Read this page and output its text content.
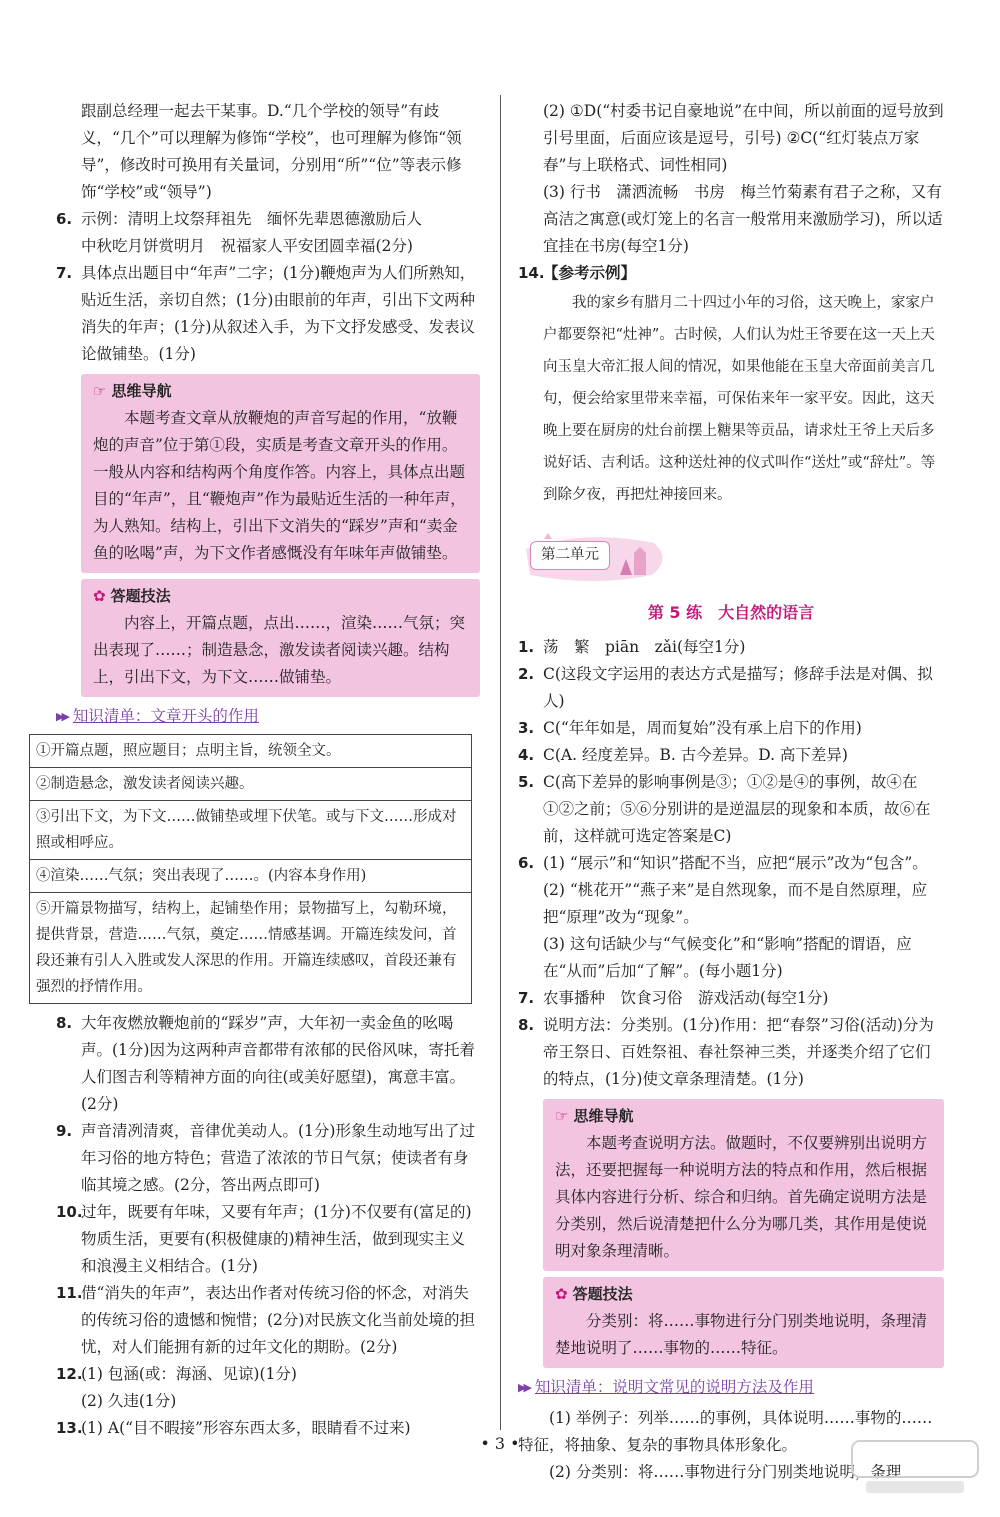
跟副总经理一起去干某事。D.“几个学校的领导”有歧义，“几个”可以理解为修饰“学校”，也可理解为修饰“领导”，修改时可换用有关量词，分别用“所”“位”等表示修饰“学校”或“领导”)

6. 示例：清明上坟祭拜祖先　缅怀先辈恩德激励后人

中秋吃月饼赏明月　祝福家人平安团圆幸福(2分)

7. 具体点出题目中“年声”二字；(1分)鞭炮声为人们所熟知，贴近生活，亲切自然；(1分)由眼前的年声，引出下文两种消失的年声；(1分)从叙述入手，为下文抒发感受、发表议论做铺垫。(1分)

☞ 思维导航

本题考查文章从放鞭炮的声音写起的作用，“放鞭炮的声音”位于第①段，实质是考查文章开头的作用。一般从内容和结构两个角度作答。内容上，具体点出题目的“年声”，且“鞭炮声”作为最贴近生活的一种年声，为人熟知。结构上，引出下文消失的“踩岁”声和“卖金鱼的吆喝”声，为下文作者感慨没有年味年声做铺垫。

✿ 答题技法

内容上，开篇点题，点出……，渲染……气氛；突出表现了……；制造悬念，激发读者阅读兴趣。结构上，引出下文，为下文……做铺垫。

▶▶ 知识清单：文章开头的作用
①开篇点题，照应题目；点明主旨，统领全文。
②制造悬念，激发读者阅读兴趣。
③引出下文，为下文……做铺垫或埋下伏笔。或与下文……形成对照或相呼应。
④渲染……气氛；突出表现了……。(内容本身作用)
⑤开篇景物描写，结构上，起铺垫作用；景物描写上，勾勒环境，提供背景，营造……气氛，奠定……情感基调。开篇连续发问，首段还兼有引人入胜或发人深思的作用。开篇连续感叹，首段还兼有强烈的抒情作用。
8. 大年夜燃放鞭炮前的“踩岁”声，大年初一卖金鱼的吆喝声。(1分)因为这两种声音都带有浓郁的民俗风味，寄托着人们图吉利等精神方面的向往(或美好愿望)，寓意丰富。(2分)

9. 声音清冽清爽，音律优美动人。(1分)形象生动地写出了过年习俗的地方特色；营造了浓浓的节日气氛；使读者有身临其境之感。(2分，答出两点即可)

10.

过年，既要有年味，又要有年声；(1分)不仅要有(富足的)物质生活，更要有(积极健康的)精神生活，做到现实主义和浪漫主义相结合。(1分)

11.

借“消失的年声”，表达出作者对传统习俗的怀念，对消失的传统习俗的遗憾和惋惜；(2分)对民族文化当前处境的担忧，对人们能拥有新的过年文化的期盼。(2分)

12.

(1) 包涵(或：海涵、见谅)(1分)

(2) 久违(1分)

13.

(1) A(“目不暇接”形容东西太多，眼睛看不过来)

(2) ①D(“村委书记自豪地说”在中间，所以前面的逗号放到引号里面，后面应该是逗号，引号) ②C(“红灯装点万家春”与上联格式、词性相同)

(3) 行书　潇洒流畅　书房　梅兰竹菊素有君子之称，又有高洁之寓意(或灯笼上的名言一般常用来激励学习)，所以适宜挂在书房(每空1分)

14.

【参考示例】

我的家乡有腊月二十四过小年的习俗，这天晚上，家家户户都要祭祀“灶神”。古时候，人们认为灶王爷要在这一天上天向玉皇大帝汇报人间的情况，如果他能在玉皇大帝面前美言几句，便会给家里带来幸福，可保佑来年一家平安。因此，这天晚上要在厨房的灶台前摆上糖果等贡品，请求灶王爷上天后多说好话、吉利话。这种送灶神的仪式叫作“送灶”或“辞灶”。等到除夕夜，再把灶神接回来。

第二单元

第 5 练　大自然的语言

1. 荡　繁　piān　zǎi(每空1分)

2. C(这段文字运用的表达方式是描写；修辞手法是对偶、拟人)

3. C(“年年如是，周而复始”没有承上启下的作用)

4. C(A. 经度差异。B. 古今差异。D. 高下差异)

5. C(高下差异的影响事例是③；①②是④的事例，故④在①②之前；⑤⑥分别讲的是逆温层的现象和本质，故⑥在前，这样就可选定答案是C)

6. (1) “展示”和“知识”搭配不当，应把“展示”改为“包含”。

(2) “桃花开”“燕子来”是自然现象，而不是自然原理，应把“原理”改为“现象”。

(3) 这句话缺少与“气候变化”和“影响”搭配的谓语，应在“从而”后加“了解”。(每小题1分)

7. 农事播种　饮食习俗　游戏活动(每空1分)

8. 说明方法：分类别。(1分)作用：把“春祭”习俗(活动)分为帝王祭日、百姓祭祖、春社祭神三类，并逐类介绍了它们的特点，(1分)使文章条理清楚。(1分)

☞ 思维导航

本题考查说明方法。做题时，不仅要辨别出说明方法，还要把握每一种说明方法的特点和作用，然后根据具体内容进行分析、综合和归纳。首先确定说明方法是分类别，然后说清楚把什么分为哪几类，其作用是使说明对象条理清晰。

✿ 答题技法

分类别：将……事物进行分门别类地说明，条理清楚地说明了……事物的……特征。

▶▶ 知识清单：说明文常见的说明方法及作用

(1) 举例子：列举……的事例，具体说明……事物的……特征，将抽象、复杂的事物具体形象化。

(2) 分类别：将……事物进行分门别类地说明，条理

• 3 •
